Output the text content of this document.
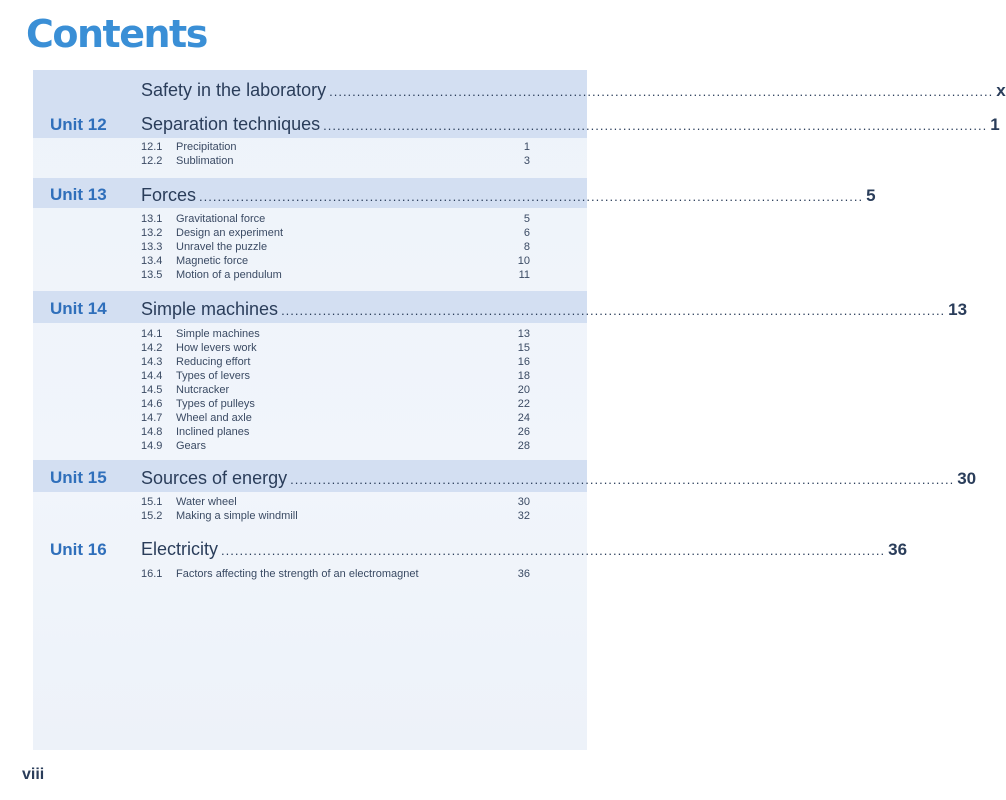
Contents
Safety in the laboratory ................................................................................................................................................ x
Unit 12 Separation techniques ................................................................................................................................................ 1
12.1 Precipitation	1
12.2 Sublimation	3
Unit 13 Forces ................................................................................................................................................ 5
13.1 Gravitational force	5
13.2 Design an experiment	6
13.3 Unravel the puzzle	8
13.4 Magnetic force	10
13.5 Motion of a pendulum	11
Unit 14 Simple machines ................................................................................................................................................ 13
14.1 Simple machines	13
14.2 How levers work	15
14.3 Reducing effort	16
14.4 Types of levers	18
14.5 Nutcracker	20
14.6 Types of pulleys	22
14.7 Wheel and axle	24
14.8 Inclined planes	26
14.9 Gears	28
Unit 15 Sources of energy ................................................................................................................................................ 30
15.1 Water wheel	30
15.2 Making a simple windmill	32
Unit 16 Electricity ................................................................................................................................................ 36
16.1 Factors affecting the strength of an electromagnet	36
viii
